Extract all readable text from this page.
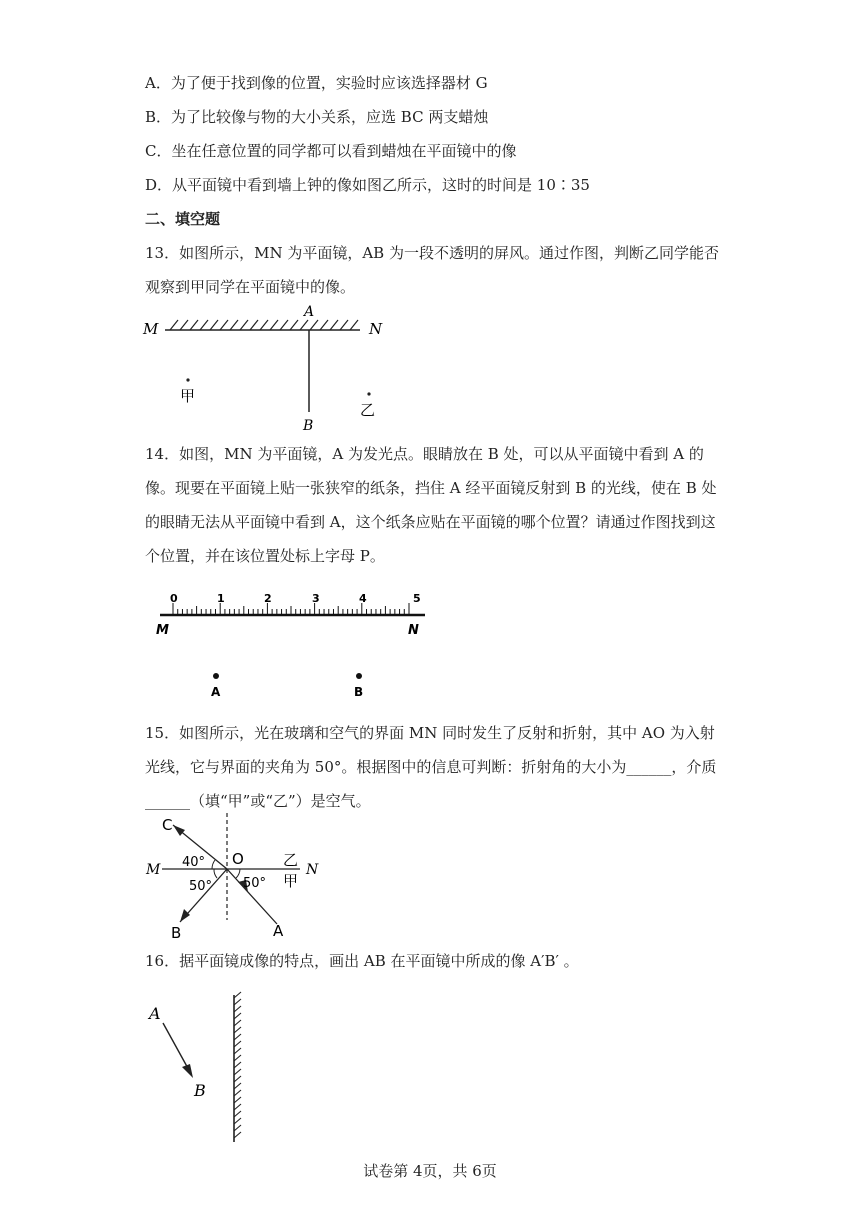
A．为了便于找到像的位置，实验时应该选择器材 G
B．为了比较像与物的大小关系，应选 BC 两支蜡烛
C．坐在任意位置的同学都可以看到蜡烛在平面镜中的像
D．从平面镜中看到墙上钟的像如图乙所示，这时的时间是 10∶35
二、填空题
13．如图所示，MN 为平面镜，AB 为一段不透明的屏风。通过作图，判断乙同学能否观察到甲同学在平面镜中的像。
M	N
A
B
甲
乙
14．如图，MN 为平面镜，A 为发光点。眼睛放在 B 处，可以从平面镜中看到 A 的像。现要在平面镜上贴一张狭窄的纸条，挡住 A 经平面镜反射到 B 的光线，使在 B 处的眼睛无法从平面镜中看到 A，这个纸条应贴在平面镜的哪个位置？请通过作图找到这个位置，并在该位置处标上字母 P。
0	1	2	3	4	5
M	N
A	B
15．如图所示，光在玻璃和空气的界面 MN 同时发生了反射和折射，其中 AO 为入射光线，它与界面的夹角为 50°。根据图中的信息可判断：折射角的大小为______，介质______（填“甲”或“乙”）是空气。
C
M
O	乙
N
40°
50° 50° 甲
B	A
16．据平面镜成像的特点，画出 AB 在平面镜中所成的像 A′B′ 。
A
B
试卷第 4页，共 6页
